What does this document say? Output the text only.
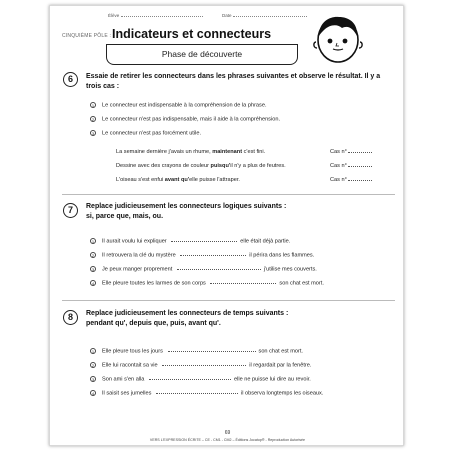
Élève	Date
CINQUIÈME PÔLE : Indicateurs et connecteurs
Phase de découverte
6	Essaie de retirer les connecteurs dans les phrases suivantes et observe le résultat. Il y a trois cas :
1 Le connecteur est indispensable à la compréhension de la phrase.
2 Le connecteur n'est pas indispensable, mais il aide à la compréhension.
3 Le connecteur n'est pas forcément utile.
La semaine dernière j'avais un rhume, maintenant c'est fini.	Cas n°
Dessine avec des crayons de couleur puisqu'il n'y a plus de feutres.	Cas n°
L'oiseau s'est enfui avant qu'elle puisse l'attraper.	Cas n°
7	Replace judicieusement les connecteurs logiques suivants :
si, parce que, mais, ou.
1 Il aurait voulu lui expliquer	elle était déjà partie.
2 Il retrouvera la clé du mystère	il périra dans les flammes.
3 Je peux manger proprement	j'utilise mes couverts.
4 Elle pleure toutes les larmes de son corps	son chat est mort.
8	Replace judicieusement les connecteurs de temps suivants :
pendant qu', depuis que, puis, avant qu'.
1 Elle pleure tous les jours	son chat est mort.
2 Elle lui racontait sa vie	il regardait par la fenêtre.
3 Son ami s'en alla	elle ne puisse lui dire au revoir.
4 Il saisit ses jumelles	il observa longtemps les oiseaux.
69
VERS L'EXPRESSION ÉCRITE – CE - CM1 - CM2 – Éditions Jocatop® - Reproduction Autorisée
